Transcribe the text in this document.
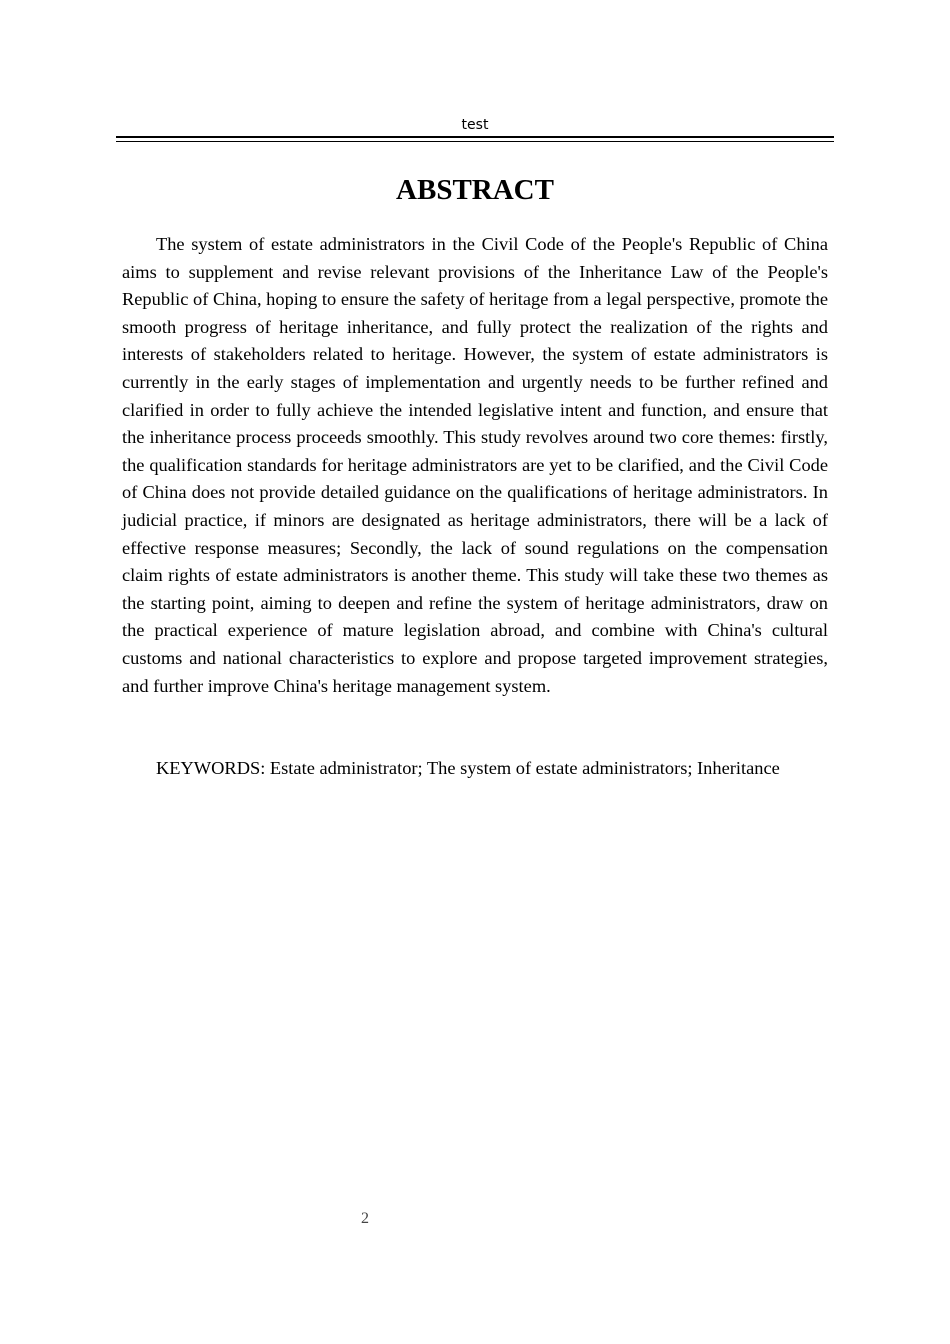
test
ABSTRACT

The system of estate administrators in the Civil Code of the People's Republic of China aims to supplement and revise relevant provisions of the Inheritance Law of the People's Republic of China, hoping to ensure the safety of heritage from a legal perspective, promote the smooth progress of heritage inheritance, and fully protect the realization of the rights and interests of stakeholders related to heritage. However, the system of estate administrators is currently in the early stages of implementation and urgently needs to be further refined and clarified in order to fully achieve the intended legislative intent and function, and ensure that the inheritance process proceeds smoothly. This study revolves around two core themes: firstly, the qualification standards for heritage administrators are yet to be clarified, and the Civil Code of China does not provide detailed guidance on the qualifications of heritage administrators. In judicial practice, if minors are designated as heritage administrators, there will be a lack of effective response measures; Secondly, the lack of sound regulations on the compensation claim rights of estate administrators is another theme. This study will take these two themes as the starting point, aiming to deepen and refine the system of heritage administrators, draw on the practical experience of mature legislation abroad, and combine with China's cultural customs and national characteristics to explore and propose targeted improvement strategies, and further improve China's heritage management system.

KEYWORDS: Estate administrator; The system of estate administrators; Inheritance

2
